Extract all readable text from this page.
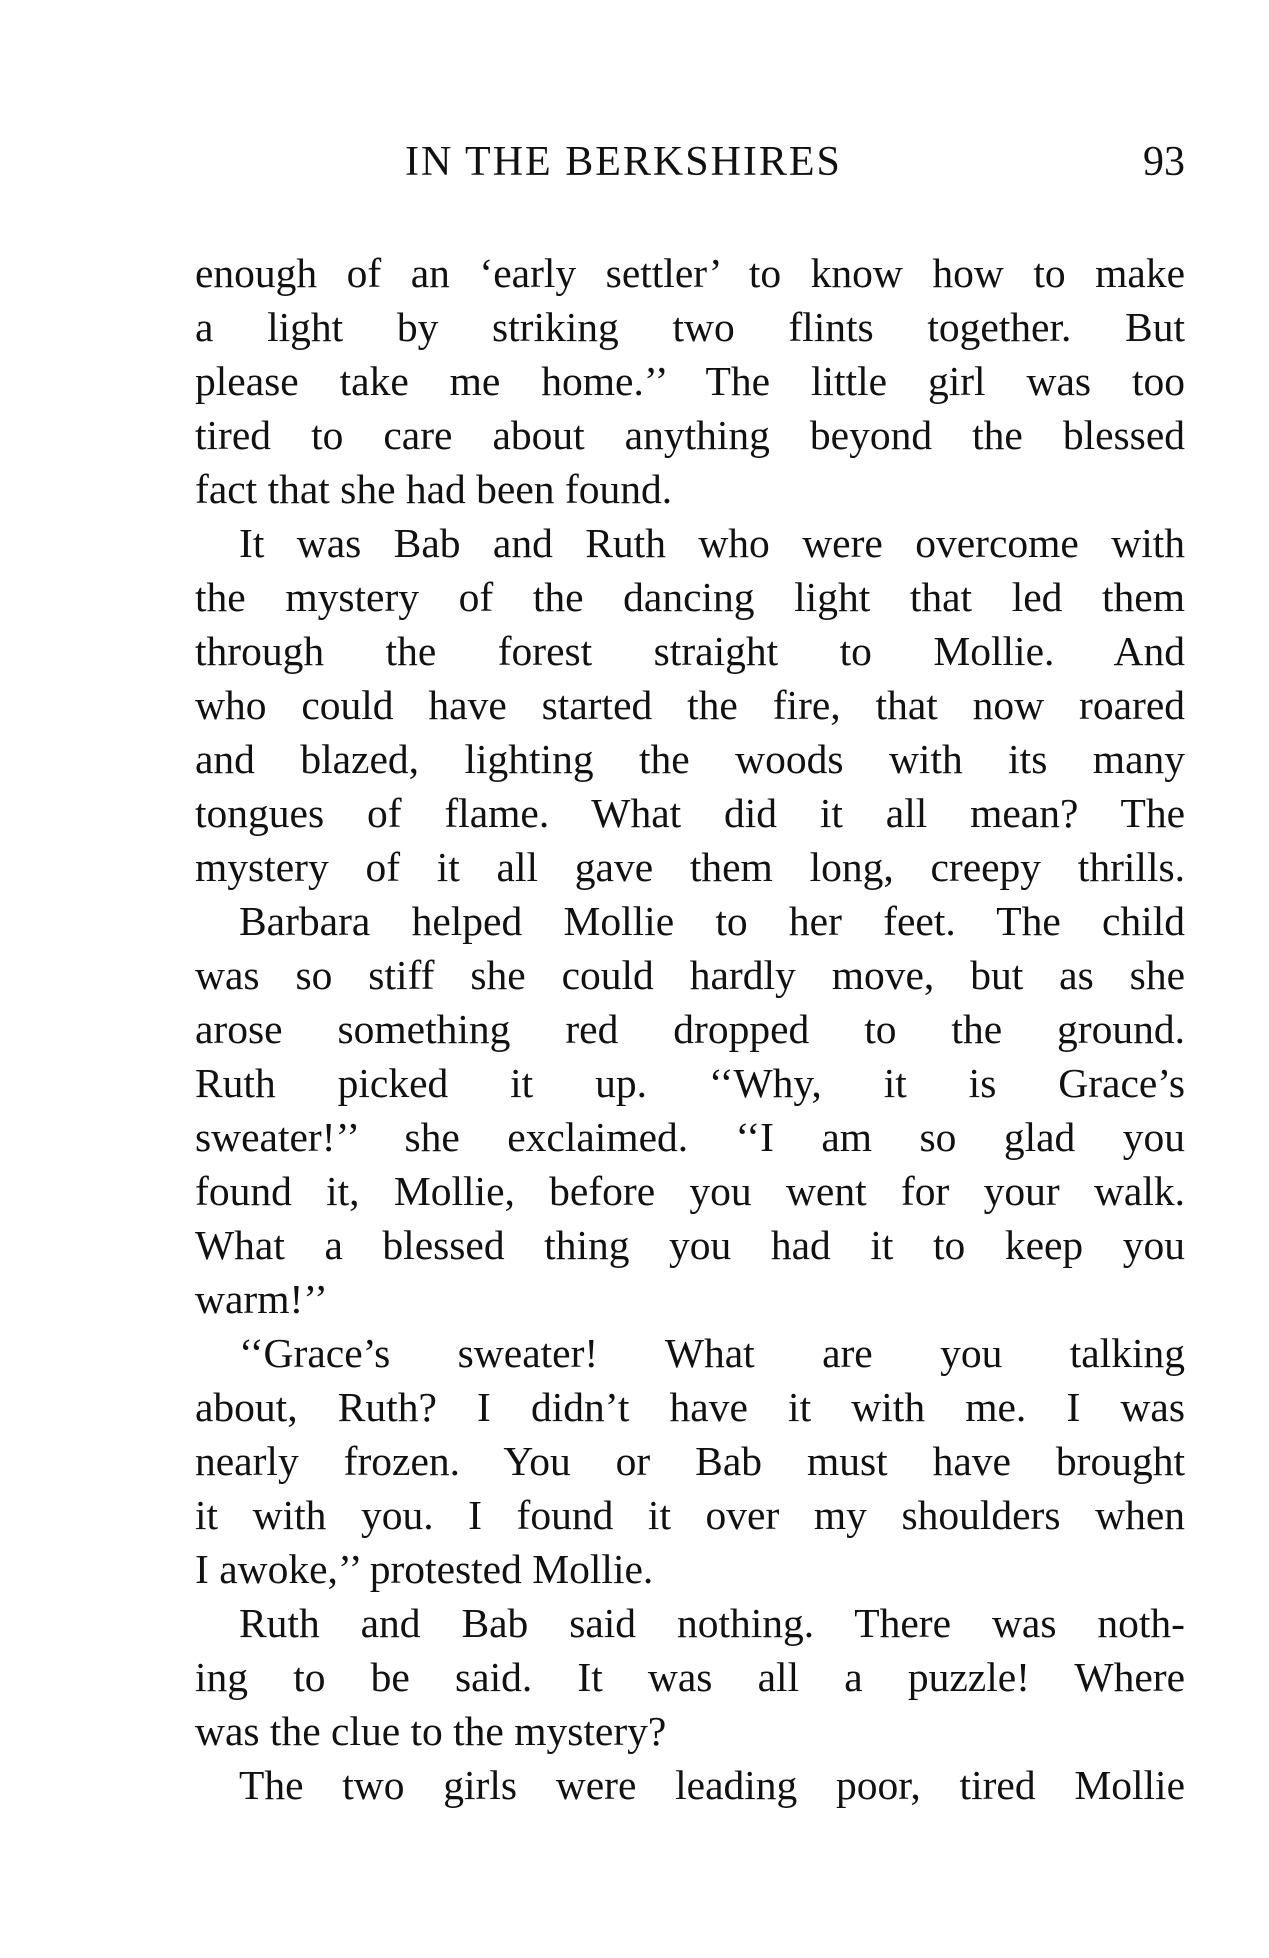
IN THE BERKSHIRES	93
enough of an ‘early settler’ to know how to make
a light by striking two flints together. But
please take me home.’’ The little girl was too
tired to care about anything beyond the blessed
fact that she had been found.
It was Bab and Ruth who were overcome with
the mystery of the dancing light that led them
through the forest straight to Mollie. And
who could have started the fire, that now roared
and blazed, lighting the woods with its many
tongues of flame. What did it all mean? The
mystery of it all gave them long, creepy thrills.
Barbara helped Mollie to her feet. The child
was so stiff she could hardly move, but as she
arose something red dropped to the ground.
Ruth picked it up. ‘‘Why, it is Grace’s
sweater!’’ she exclaimed. ‘‘I am so glad you
found it, Mollie, before you went for your walk.
What a blessed thing you had it to keep you
warm!’’
‘‘Grace’s sweater! What are you talking
about, Ruth? I didn’t have it with me. I was
nearly frozen. You or Bab must have brought
it with you. I found it over my shoulders when
I awoke,’’ protested Mollie.
Ruth and Bab said nothing. There was noth-
ing to be said. It was all a puzzle! Where
was the clue to the mystery?
The two girls were leading poor, tired Mollie
